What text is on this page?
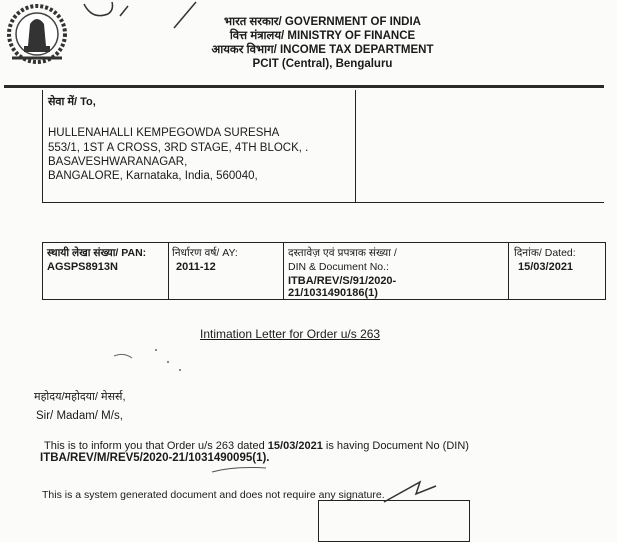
भारत सरकार/ GOVERNMENT OF INDIA
वित्त मंत्रालय/ MINISTRY OF FINANCE
आयकर विभाग/ INCOME TAX DEPARTMENT
PCIT (Central), Bengaluru
सेवा में/ To,
HULLENAHALLI KEMPEGOWDA SURESHA
553/1, 1ST A CROSS, 3RD STAGE, 4TH BLOCK, .
BASAVESHWARANAGAR,
BANGALORE, Karnataka, India, 560040,
स्थायी लेखा संख्या/ PAN:
AGSPS8913N
निर्धारण वर्ष/ AY:
2011-12
दस्तावेज़ एवं प्रपत्राक संख्या /
DIN & Document No.:
ITBA/REV/S/91/2020-
21/1031490186(1)
दिनांक/ Dated:
15/03/2021
Intimation Letter for Order u/s 263
महोदय/महोदया/ मेसर्स,
Sir/ Madam/ M/s,
This is to inform you that Order u/s 263 dated 15/03/2021 is having Document No (DIN)
ITBA/REV/M/REV5/2020-21/1031490095(1).
This is a system generated document and does not require any signature.
